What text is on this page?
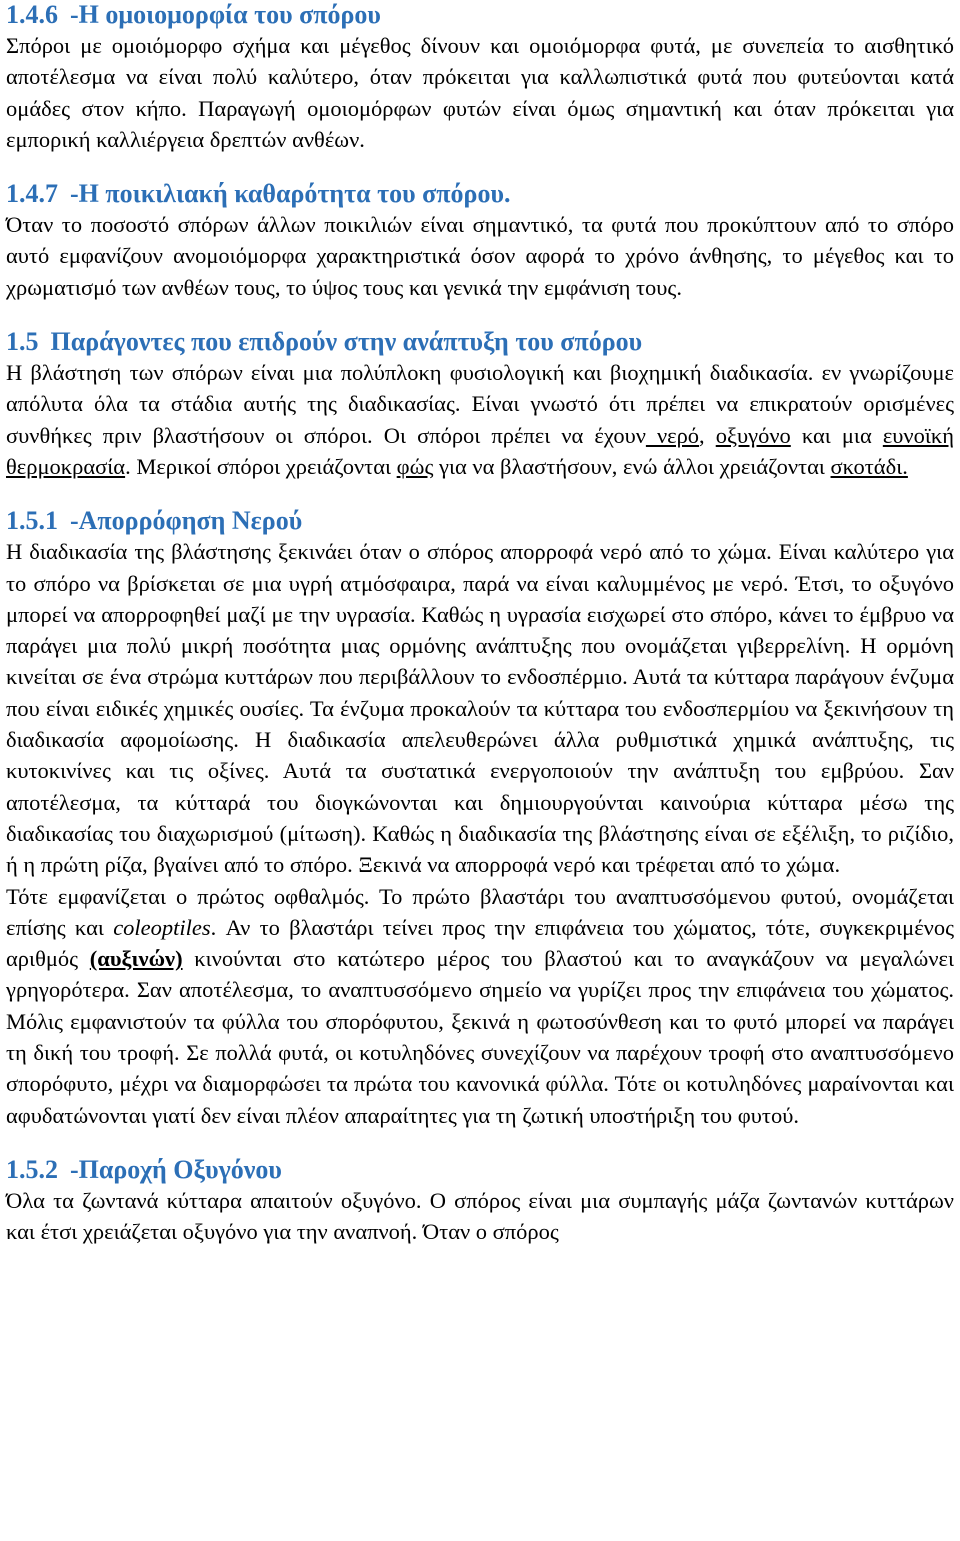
1.4.6 -Η ομοιομορφία του σπόρου

Σπόροι με ομοιόμορφο σχήμα και μέγεθος δίνουν και ομοιόμορφα φυτά, με συνεπεία το αισθητικό αποτέλεσμα να είναι πολύ καλύτερο, όταν πρόκειται για καλλωπιστικά φυτά που φυτεύονται κατά ομάδες στον κήπο. Παραγωγή ομοιομόρφων φυτών είναι όμως σημαντική και όταν πρόκειται για εμπορική καλλιέργεια δρεπτών ανθέων.

1.4.7 -Η ποικιλιακή καθαρότητα του σπόρου.

Όταν το ποσοστό σπόρων άλλων ποικιλιών είναι σημαντικό, τα φυτά που προκύπτουν από το σπόρο αυτό εμφανίζουν ανομοιόμορφα χαρακτηριστικά όσον αφορά το χρόνο άνθησης, το μέγεθος και το χρωματισμό των ανθέων τους, το ύψος τους και γενικά την εμφάνιση τους.

1.5 Παράγοντες που επιδρούν στην ανάπτυξη του σπόρου

Η βλάστηση των σπόρων είναι μια πολύπλοκη φυσιολογική και βιοχημική διαδικασία. εν γνωρίζουμε απόλυτα όλα τα στάδια αυτής της διαδικασίας. Είναι γνωστό ότι πρέπει να επικρατούν ορισμένες συνθήκες πριν βλαστήσουν οι σπόροι. Οι σπόροι πρέπει να έχουν νερό, οξυγόνο και μια ευνοϊκή θερμοκρασία. Μερικοί σπόροι χρειάζονται φώς για να βλαστήσουν, ενώ άλλοι χρειάζονται σκοτάδι.

1.5.1 -Απορρόφηση Νερού

Η διαδικασία της βλάστησης ξεκινάει όταν ο σπόρος απορροφά νερό από το χώμα. Είναι καλύτερο για το σπόρο να βρίσκεται σε μια υγρή ατμόσφαιρα, παρά να είναι καλυμμένος με νερό. Έτσι, το οξυγόνο μπορεί να απορροφηθεί μαζί με την υγρασία. Καθώς η υγρασία εισχωρεί στο σπόρο, κάνει το έμβρυο να παράγει μια πολύ μικρή ποσότητα μιας ορμόνης ανάπτυξης που ονομάζεται γιβερρελίνη. Η ορμόνη κινείται σε ένα στρώμα κυττάρων που περιβάλλουν το ενδοσπέρμιο. Αυτά τα κύτταρα παράγουν ένζυμα που είναι ειδικές χημικές ουσίες. Τα ένζυμα προκαλούν τα κύτταρα του ενδοσπερμίου να ξεκινήσουν τη διαδικασία αφομοίωσης. Η διαδικασία απελευθερώνει άλλα ρυθμιστικά χημικά ανάπτυξης, τις κυτοκινίνες και τις οξίνες. Αυτά τα συστατικά ενεργοποιούν την ανάπτυξη του εμβρύου. Σαν αποτέλεσμα, τα κύτταρά του διογκώνονται και δημιουργούνται καινούρια κύτταρα μέσω της διαδικασίας του διαχωρισμού (μίτωση). Καθώς η διαδικασία της βλάστησης είναι σε εξέλιξη, το ριζίδιο, ή η πρώτη ρίζα, βγαίνει από το σπόρο. Ξεκινά να απορροφά νερό και τρέφεται από το χώμα.

Τότε εμφανίζεται ο πρώτος οφθαλμός. Το πρώτο βλαστάρι του αναπτυσσόμενου φυτού, ονομάζεται επίσης και coleoptiles. Αν το βλαστάρι τείνει προς την επιφάνεια του χώματος, τότε, συγκεκριμένος αριθμός (αυξινών) κινούνται στο κατώτερο μέρος του βλαστού και το αναγκάζουν να μεγαλώνει γρηγορότερα. Σαν αποτέλεσμα, το αναπτυσσόμενο σημείο να γυρίζει προς την επιφάνεια του χώματος. Μόλις εμφανιστούν τα φύλλα του σπορόφυτου, ξεκινά η φωτοσύνθεση και το φυτό μπορεί να παράγει τη δική του τροφή. Σε πολλά φυτά, οι κοτυληδόνες συνεχίζουν να παρέχουν τροφή στο αναπτυσσόμενο σπορόφυτο, μέχρι να διαμορφώσει τα πρώτα του κανονικά φύλλα. Τότε οι κοτυληδόνες μαραίνονται και αφυδατώνονται γιατί δεν είναι πλέον απαραίτητες για τη ζωτική υποστήριξη του φυτού.

1.5.2 -Παροχή Οξυγόνου

Όλα τα ζωντανά κύτταρα απαιτούν οξυγόνο. Ο σπόρος είναι μια συμπαγής μάζα ζωντανών κυττάρων και έτσι χρειάζεται οξυγόνο για την αναπνοή. Όταν ο σπόρος
